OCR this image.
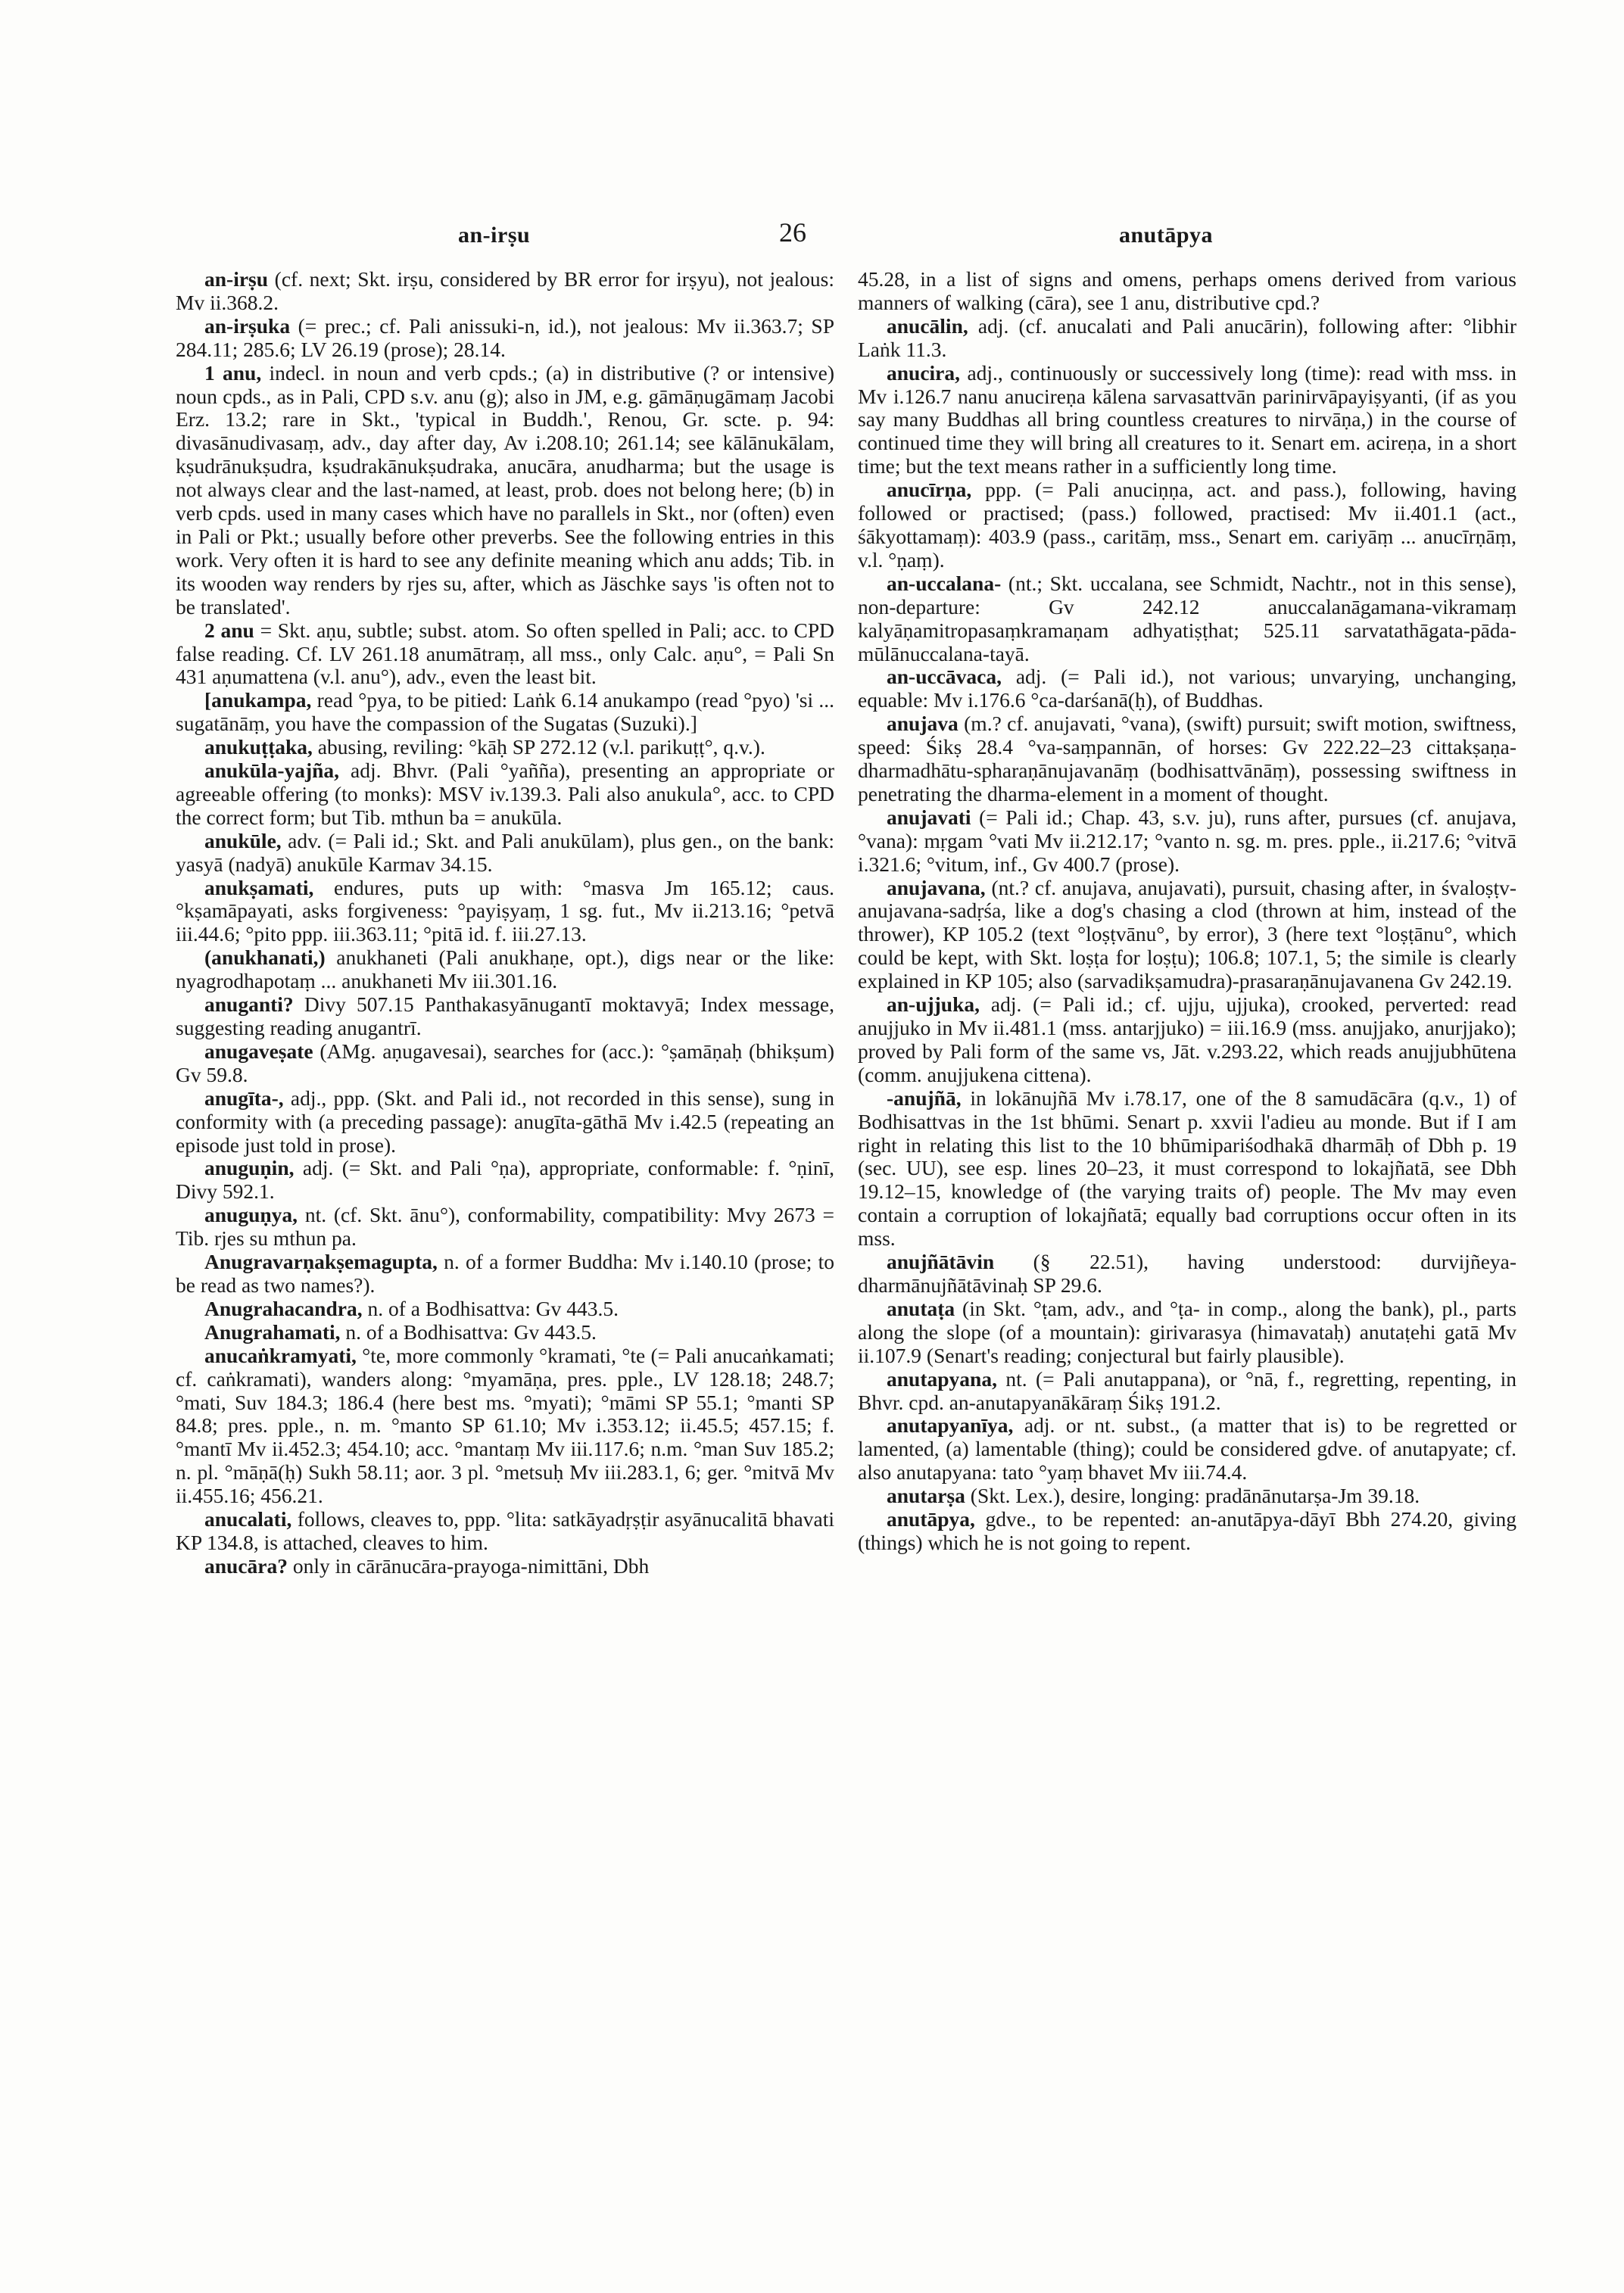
an-irṣu	26	anutāpya

an-irṣu (cf. next; Skt. irṣu, considered by BR error for irṣyu), not jealous: Mv ii.368.2.

an-irṣuka (= prec.; cf. Pali anissuki-n, id.), not jealous: Mv ii.363.7; SP 284.11; 285.6; LV 26.19 (prose); 28.14.

1 anu, indecl. in noun and verb cpds.; (a) in distributive (? or intensive) noun cpds., as in Pali, CPD s.v. anu (g); also in JM, e.g. gāmāṇugāmaṃ Jacobi Erz. 13.2; rare in Skt., 'typical in Buddh.', Renou, Gr. scte. p. 94: divasānudivasaṃ, adv., day after day, Av i.208.10; 261.14; see kālānukālam, kṣudrānukṣudra, kṣudrakānukṣudraka, anucāra, anudharma; but the usage is not always clear and the last-named, at least, prob. does not belong here; (b) in verb cpds. used in many cases which have no parallels in Skt., nor (often) even in Pali or Pkt.; usually before other preverbs. See the following entries in this work. Very often it is hard to see any definite meaning which anu adds; Tib. in its wooden way renders by rjes su, after, which as Jäschke says 'is often not to be translated'.

2 anu = Skt. aṇu, subtle; subst. atom. So often spelled in Pali; acc. to CPD false reading. Cf. LV 261.18 anumātraṃ, all mss., only Calc. aṇu°, = Pali Sn 431 aṇumattena (v.l. anu°), adv., even the least bit.

[anukampa, read °pya, to be pitied: Laṅk 6.14 anukampo (read °pyo) 'si ... sugatānāṃ, you have the compassion of the Sugatas (Suzuki).]

anukuṭṭaka, abusing, reviling: °kāḥ SP 272.12 (v.l. parikuṭṭ°, q.v.).

anukūla-yajña, adj. Bhvr. (Pali °yañña), presenting an appropriate or agreeable offering (to monks): MSV iv.139.3. Pali also anukula°, acc. to CPD the correct form; but Tib. mthun ba = anukūla.

anukūle, adv. (= Pali id.; Skt. and Pali anukūlam), plus gen., on the bank: yasyā (nadyā) anukūle Karmav 34.15.

anukṣamati, endures, puts up with: °masva Jm 165.12; caus. °kṣamāpayati, asks forgiveness: °payiṣyaṃ, 1 sg. fut., Mv ii.213.16; °petvā iii.44.6; °pito ppp. iii.363.11; °pitā id. f. iii.27.13.

(anukhanati,) anukhaneti (Pali anukhaṇe, opt.), digs near or the like: nyagrodhapotaṃ ... anukhaneti Mv iii.301.16.

anuganti? Divy 507.15 Panthakasyānugantī moktavyā; Index message, suggesting reading anugantrī.

anugaveṣate (AMg. aṇugavesai), searches for (acc.): °ṣamāṇaḥ (bhikṣum) Gv 59.8.

anugīta-, adj., ppp. (Skt. and Pali id., not recorded in this sense), sung in conformity with (a preceding passage): anugīta-gāthā Mv i.42.5 (repeating an episode just told in prose).

anuguṇin, adj. (= Skt. and Pali °ṇa), appropriate, conformable: f. °ṇinī, Divy 592.1.

anuguṇya, nt. (cf. Skt. ānu°), conformability, compatibility: Mvy 2673 = Tib. rjes su mthun pa.

Anugravarṇakṣemagupta, n. of a former Buddha: Mv i.140.10 (prose; to be read as two names?).

Anugrahacandra, n. of a Bodhisattva: Gv 443.5.

Anugrahamati, n. of a Bodhisattva: Gv 443.5.

anucaṅkramyati, °te, more commonly °kramati, °te (= Pali anucaṅkamati; cf. caṅkramati), wanders along: °myamāṇa, pres. pple., LV 128.18; 248.7; °mati, Suv 184.3; 186.4 (here best ms. °myati); °māmi SP 55.1; °manti SP 84.8; pres. pple., n. m. °manto SP 61.10; Mv i.353.12; ii.45.5; 457.15; f. °mantī Mv ii.452.3; 454.10; acc. °mantaṃ Mv iii.117.6; n.m. °man Suv 185.2; n. pl. °māṇā(ḥ) Sukh 58.11; aor. 3 pl. °metsuḥ Mv iii.283.1, 6; ger. °mitvā Mv ii.455.16; 456.21.

anucalati, follows, cleaves to, ppp. °lita: satkāyadṛṣṭir asyānucalitā bhavati KP 134.8, is attached, cleaves to him.

anucāra? only in cārānucāra-prayoga-nimittāni, Dbh

45.28, in a list of signs and omens, perhaps omens derived from various manners of walking (cāra), see 1 anu, distributive cpd.?

anucālin, adj. (cf. anucalati and Pali anucārin), following after: °libhir Laṅk 11.3.

anucira, adj., continuously or successively long (time): read with mss. in Mv i.126.7 nanu anucireṇa kālena sarvasattvān parinirvāpayiṣyanti, (if as you say many Buddhas all bring countless creatures to nirvāṇa,) in the course of continued time they will bring all creatures to it. Senart em. acireṇa, in a short time; but the text means rather in a sufficiently long time.

anucīrṇa, ppp. (= Pali anuciṇṇa, act. and pass.), following, having followed or practised; (pass.) followed, practised: Mv ii.401.1 (act., śākyottamaṃ): 403.9 (pass., caritāṃ, mss., Senart em. cariyāṃ ... anucīrṇāṃ, v.l. °ṇaṃ).

an-uccalana- (nt.; Skt. uccalana, see Schmidt, Nachtr., not in this sense), non-departure: Gv 242.12 anuccalanāgamana-vikramaṃ kalyāṇamitropasaṃkramaṇam adhyatiṣṭhat; 525.11 sarvatathāgata-pāda-mūlānuccalana-tayā.

an-uccāvaca, adj. (= Pali id.), not various; unvarying, unchanging, equable: Mv i.176.6 °ca-darśanā(ḥ), of Buddhas.

anujava (m.? cf. anujavati, °vana), (swift) pursuit; swift motion, swiftness, speed: Śikṣ 28.4 °va-saṃpannān, of horses: Gv 222.22–23 cittakṣaṇa-dharmadhātu-spharaṇānujavanāṃ (bodhisattvānāṃ), possessing swiftness in penetrating the dharma-element in a moment of thought.

anujavati (= Pali id.; Chap. 43, s.v. ju), runs after, pursues (cf. anujava, °vana): mṛgam °vati Mv ii.212.17; °vanto n. sg. m. pres. pple., ii.217.6; °vitvā i.321.6; °vitum, inf., Gv 400.7 (prose).

anujavana, (nt.? cf. anujava, anujavati), pursuit, chasing after, in śvaloṣṭv-anujavana-sadṛśa, like a dog's chasing a clod (thrown at him, instead of the thrower), KP 105.2 (text °loṣṭvānu°, by error), 3 (here text °loṣṭānu°, which could be kept, with Skt. loṣṭa for loṣṭu); 106.8; 107.1, 5; the simile is clearly explained in KP 105; also (sarvadikṣamudra)-prasaraṇānujavanena Gv 242.19.

an-ujjuka, adj. (= Pali id.; cf. ujju, ujjuka), crooked, perverted: read anujjuko in Mv ii.481.1 (mss. antarjjuko) = iii.16.9 (mss. anujjako, anurjjako); proved by Pali form of the same vs, Jāt. v.293.22, which reads anujjubhūtena (comm. anujjukena cittena).

-anujñā, in lokānujñā Mv i.78.17, one of the 8 samudācāra (q.v., 1) of Bodhisattvas in the 1st bhūmi. Senart p. xxvii l'adieu au monde. But if I am right in relating this list to the 10 bhūmipariśodhakā dharmāḥ of Dbh p. 19 (sec. UU), see esp. lines 20–23, it must correspond to lokajñatā, see Dbh 19.12–15, knowledge of (the varying traits of) people. The Mv may even contain a corruption of lokajñatā; equally bad corruptions occur often in its mss.

anujñātāvin (§ 22.51), having understood: durvijñeya-dharmānujñātāvinaḥ SP 29.6.

anutaṭa (in Skt. °ṭam, adv., and °ṭa- in comp., along the bank), pl., parts along the slope (of a mountain): girivarasya (himavataḥ) anutaṭehi gatā Mv ii.107.9 (Senart's reading; conjectural but fairly plausible).

anutapyana, nt. (= Pali anutappana), or °nā, f., regretting, repenting, in Bhvr. cpd. an-anutapyanākāraṃ Śikṣ 191.2.

anutapyanīya, adj. or nt. subst., (a matter that is) to be regretted or lamented, (a) lamentable (thing); could be considered gdve. of anutapyate; cf. also anutapyana: tato °yaṃ bhavet Mv iii.74.4.

anutarṣa (Skt. Lex.), desire, longing: pradānānutarṣa-Jm 39.18.

anutāpya, gdve., to be repented: an-anutāpya-dāyī Bbh 274.20, giving (things) which he is not going to repent.
